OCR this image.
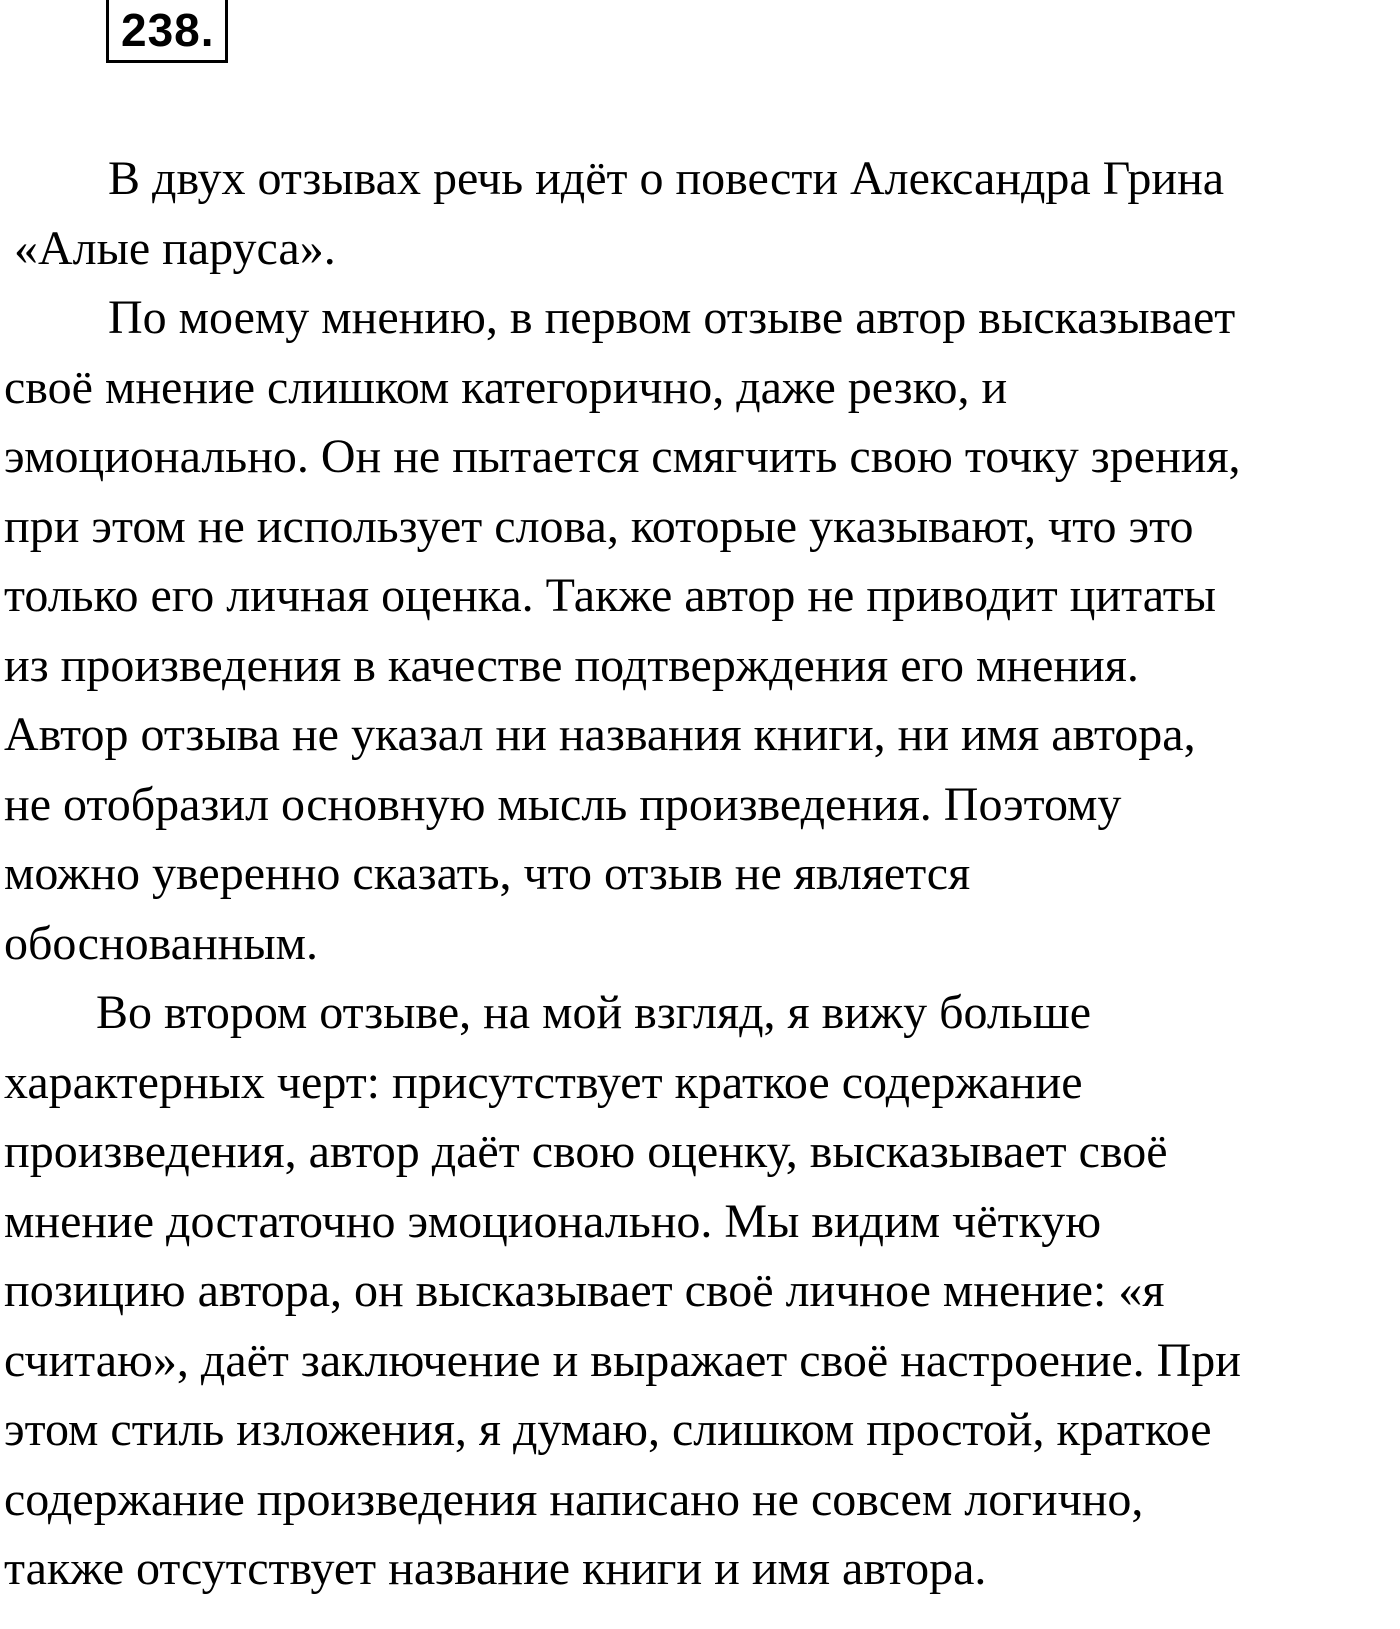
238.
В двух отзывах речь идёт о повести Александра Грина
«Алые паруса».
По моему мнению, в первом отзыве автор высказывает
своё мнение слишком категорично, даже резко, и
эмоционально. Он не пытается смягчить свою точку зрения,
при этом не использует слова, которые указывают, что это
только его личная оценка. Также автор не приводит цитаты
из произведения в качестве подтверждения его мнения.
Автор отзыва не указал ни названия книги, ни имя автора,
не отобразил основную мысль произведения. Поэтому
можно уверенно сказать, что отзыв не является
обоснованным.
Во втором отзыве, на мой взгляд, я вижу больше
характерных черт: присутствует краткое содержание
произведения, автор даёт свою оценку, высказывает своё
мнение достаточно эмоционально. Мы видим чёткую
позицию автора, он высказывает своё личное мнение: «я
считаю», даёт заключение и выражает своё настроение. При
этом стиль изложения, я думаю, слишком простой, краткое
содержание произведения написано не совсем логично,
также отсутствует название книги и имя автора.
